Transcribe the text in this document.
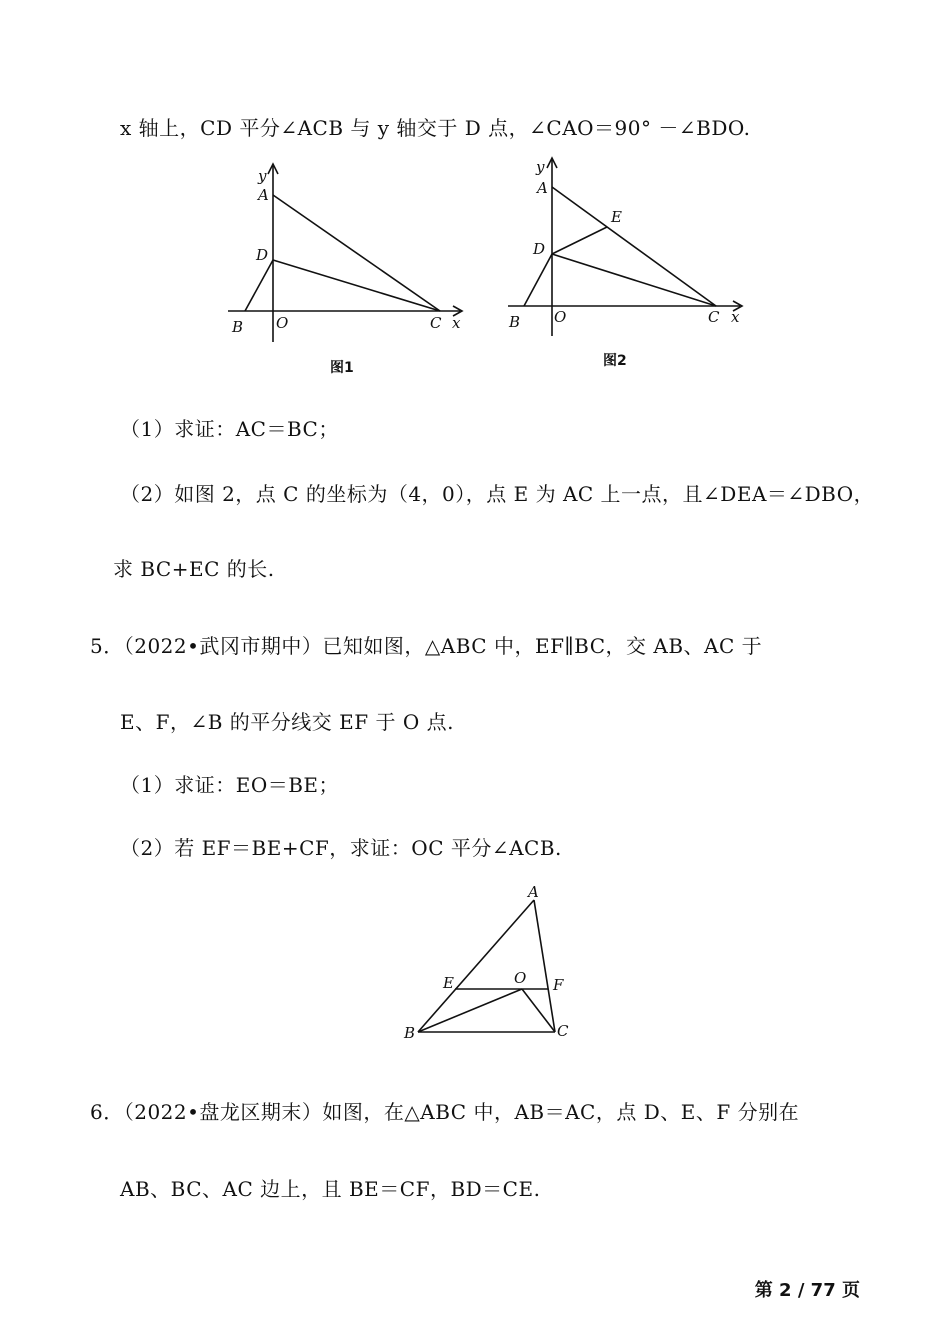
x 轴上，CD 平分∠ACB 与 y 轴交于 D 点，∠CAO＝90° －∠BDO.
y
A
D
B O	C x
图1
y
A
E
D
B O	C x
图2
（1）求证：AC＝BC；
（2）如图 2，点 C 的坐标为（4，0），点 E 为 AC 上一点，且∠DEA＝∠DBO，
求 BC+EC 的长.
5．（2022•武冈市期中）已知如图，△ABC 中，EF∥BC，交 AB、AC 于
E、F，∠B 的平分线交 EF 于 O 点.
（1）求证：EO＝BE；
（2）若 EF＝BE+CF，求证：OC 平分∠ACB.
A
E	O F
B	C
6．（2022•盘龙区期末）如图，在△ABC 中，AB＝AC，点 D、E、F 分别在
AB、BC、AC 边上，且 BE＝CF，BD＝CE.
第 2 / 77 页
